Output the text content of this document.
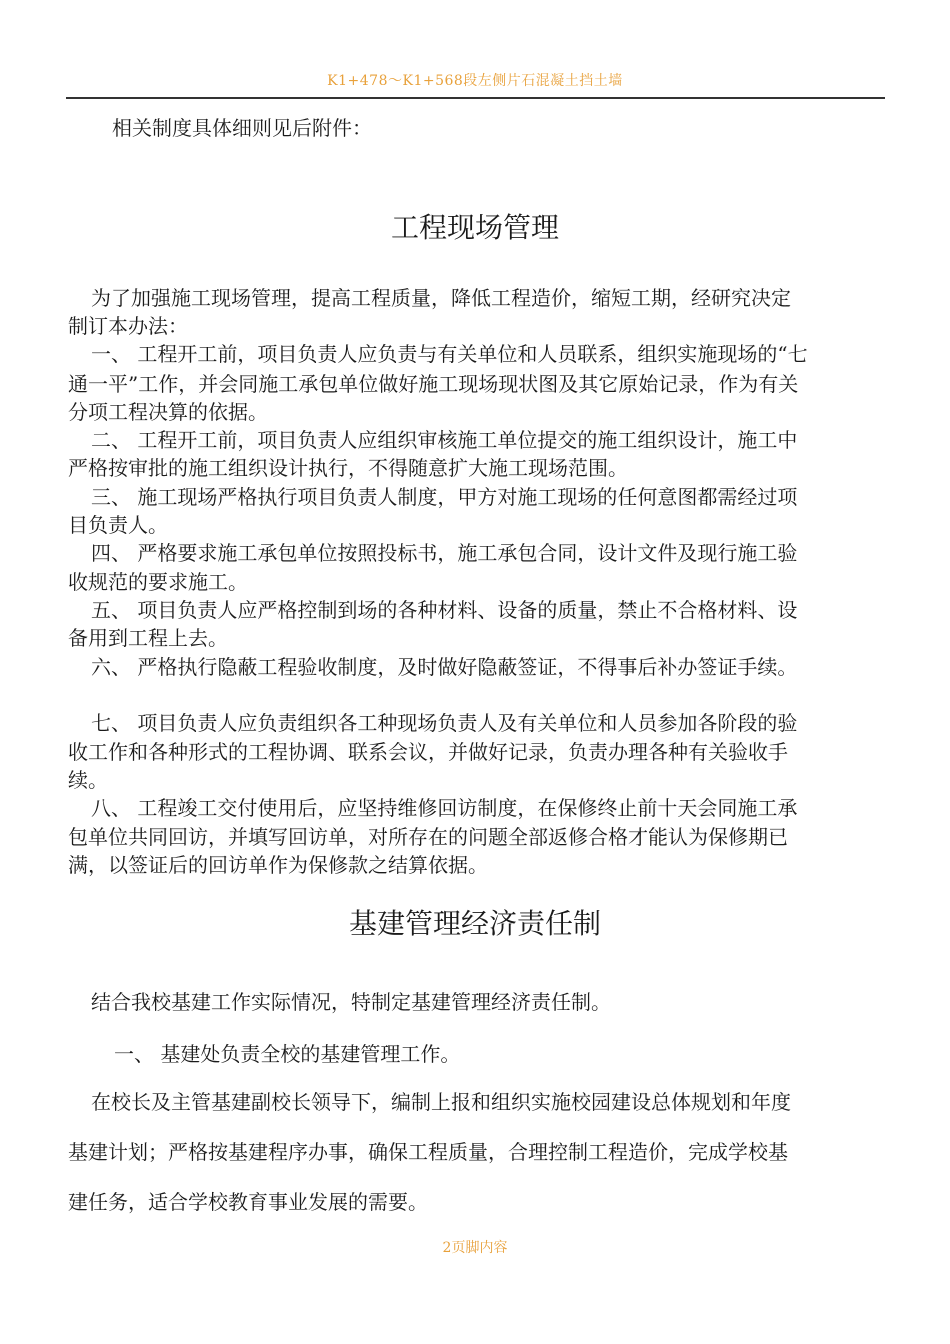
K1+478～K1+568段左侧片石混凝土挡土墙
相关制度具体细则见后附件：
工程现场管理
为了加强施工现场管理，提高工程质量，降低工程造价，缩短工期，经研究决定
制订本办法：
一、 工程开工前，项目负责人应负责与有关单位和人员联系，组织实施现场的“七
通一平”工作，并会同施工承包单位做好施工现场现状图及其它原始记录，作为有关
分项工程决算的依据。
二、 工程开工前，项目负责人应组织审核施工单位提交的施工组织设计，施工中
严格按审批的施工组织设计执行，不得随意扩大施工现场范围。
三、 施工现场严格执行项目负责人制度，甲方对施工现场的任何意图都需经过项
目负责人。
四、 严格要求施工承包单位按照投标书，施工承包合同，设计文件及现行施工验
收规范的要求施工。
五、 项目负责人应严格控制到场的各种材料、设备的质量，禁止不合格材料、设
备用到工程上去。
六、 严格执行隐蔽工程验收制度，及时做好隐蔽签证，不得事后补办签证手续。
七、 项目负责人应负责组织各工种现场负责人及有关单位和人员参加各阶段的验
收工作和各种形式的工程协调、联系会议，并做好记录，负责办理各种有关验收手
续。
八、 工程竣工交付使用后，应坚持维修回访制度，在保修终止前十天会同施工承
包单位共同回访，并填写回访单，对所存在的问题全部返修合格才能认为保修期已
满，以签证后的回访单作为保修款之结算依据。
基建管理经济责任制
结合我校基建工作实际情况，特制定基建管理经济责任制。
一、 基建处负责全校的基建管理工作。
在校长及主管基建副校长领导下，编制上报和组织实施校园建设总体规划和年度
基建计划；严格按基建程序办事，确保工程质量，合理控制工程造价，完成学校基
建任务，适合学校教育事业发展的需要。
2页脚内容
